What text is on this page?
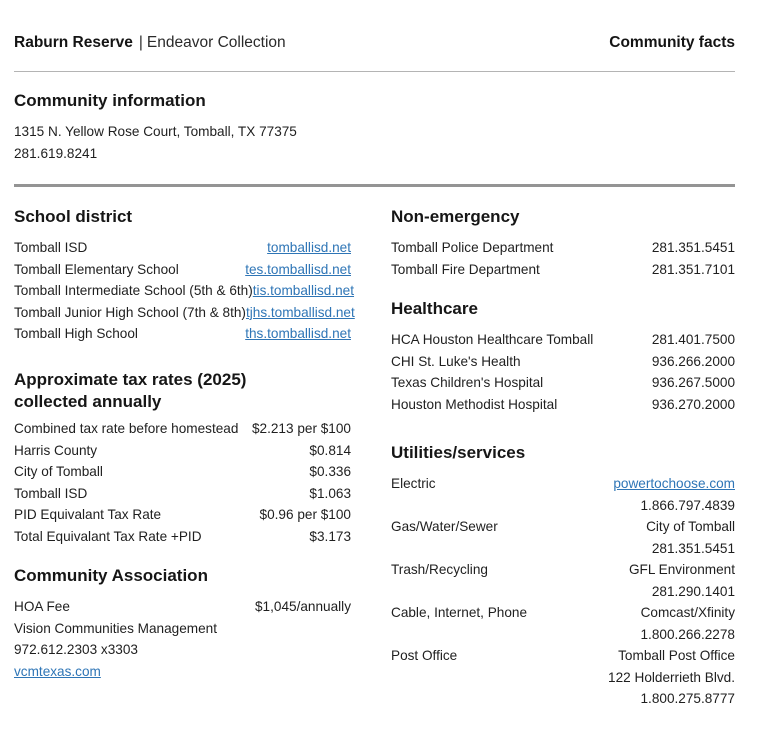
Raburn Reserve | Endeavor Collection	Community facts
Community information
1315 N. Yellow Rose Court, Tomball, TX 77375
281.619.8241
School district
Tomball ISD	tomballisd.net
Tomball Elementary School	tes.tomballisd.net
Tomball Intermediate School (5th & 6th) tis.tomballisd.net
Tomball Junior High School (7th & 8th) tjhs.tomballisd.net
Tomball High School	ths.tomballisd.net
Approximate tax rates (2025)
collected annually
Combined tax rate before homestead $2.213 per $100
Harris County	$0.814
City of Tomball	$0.336
Tomball ISD	$1.063
PID Equivalant Tax Rate	$0.96 per $100
Total Equivalant Tax Rate +PID	$3.173
Community Association
HOA Fee	$1,045/annually
Vision Communities Management
972.612.2303 x3303
vcmtexas.com
Non-emergency
Tomball Police Department	281.351.5451
Tomball Fire Department	281.351.7101
Healthcare
HCA Houston Healthcare Tomball	281.401.7500
CHI St. Luke's Health	936.266.2000
Texas Children's Hospital	936.267.5000
Houston Methodist Hospital	936.270.2000
Utilities/services
Electric	powertochoose.com
1.866.797.4839
Gas/Water/Sewer	City of Tomball
281.351.5451
Trash/Recycling	GFL Environment
281.290.1401
Cable, Internet, Phone	Comcast/Xfinity
1.800.266.2278
Post Office	Tomball Post Office
122 Holderrieth Blvd.
1.800.275.8777
